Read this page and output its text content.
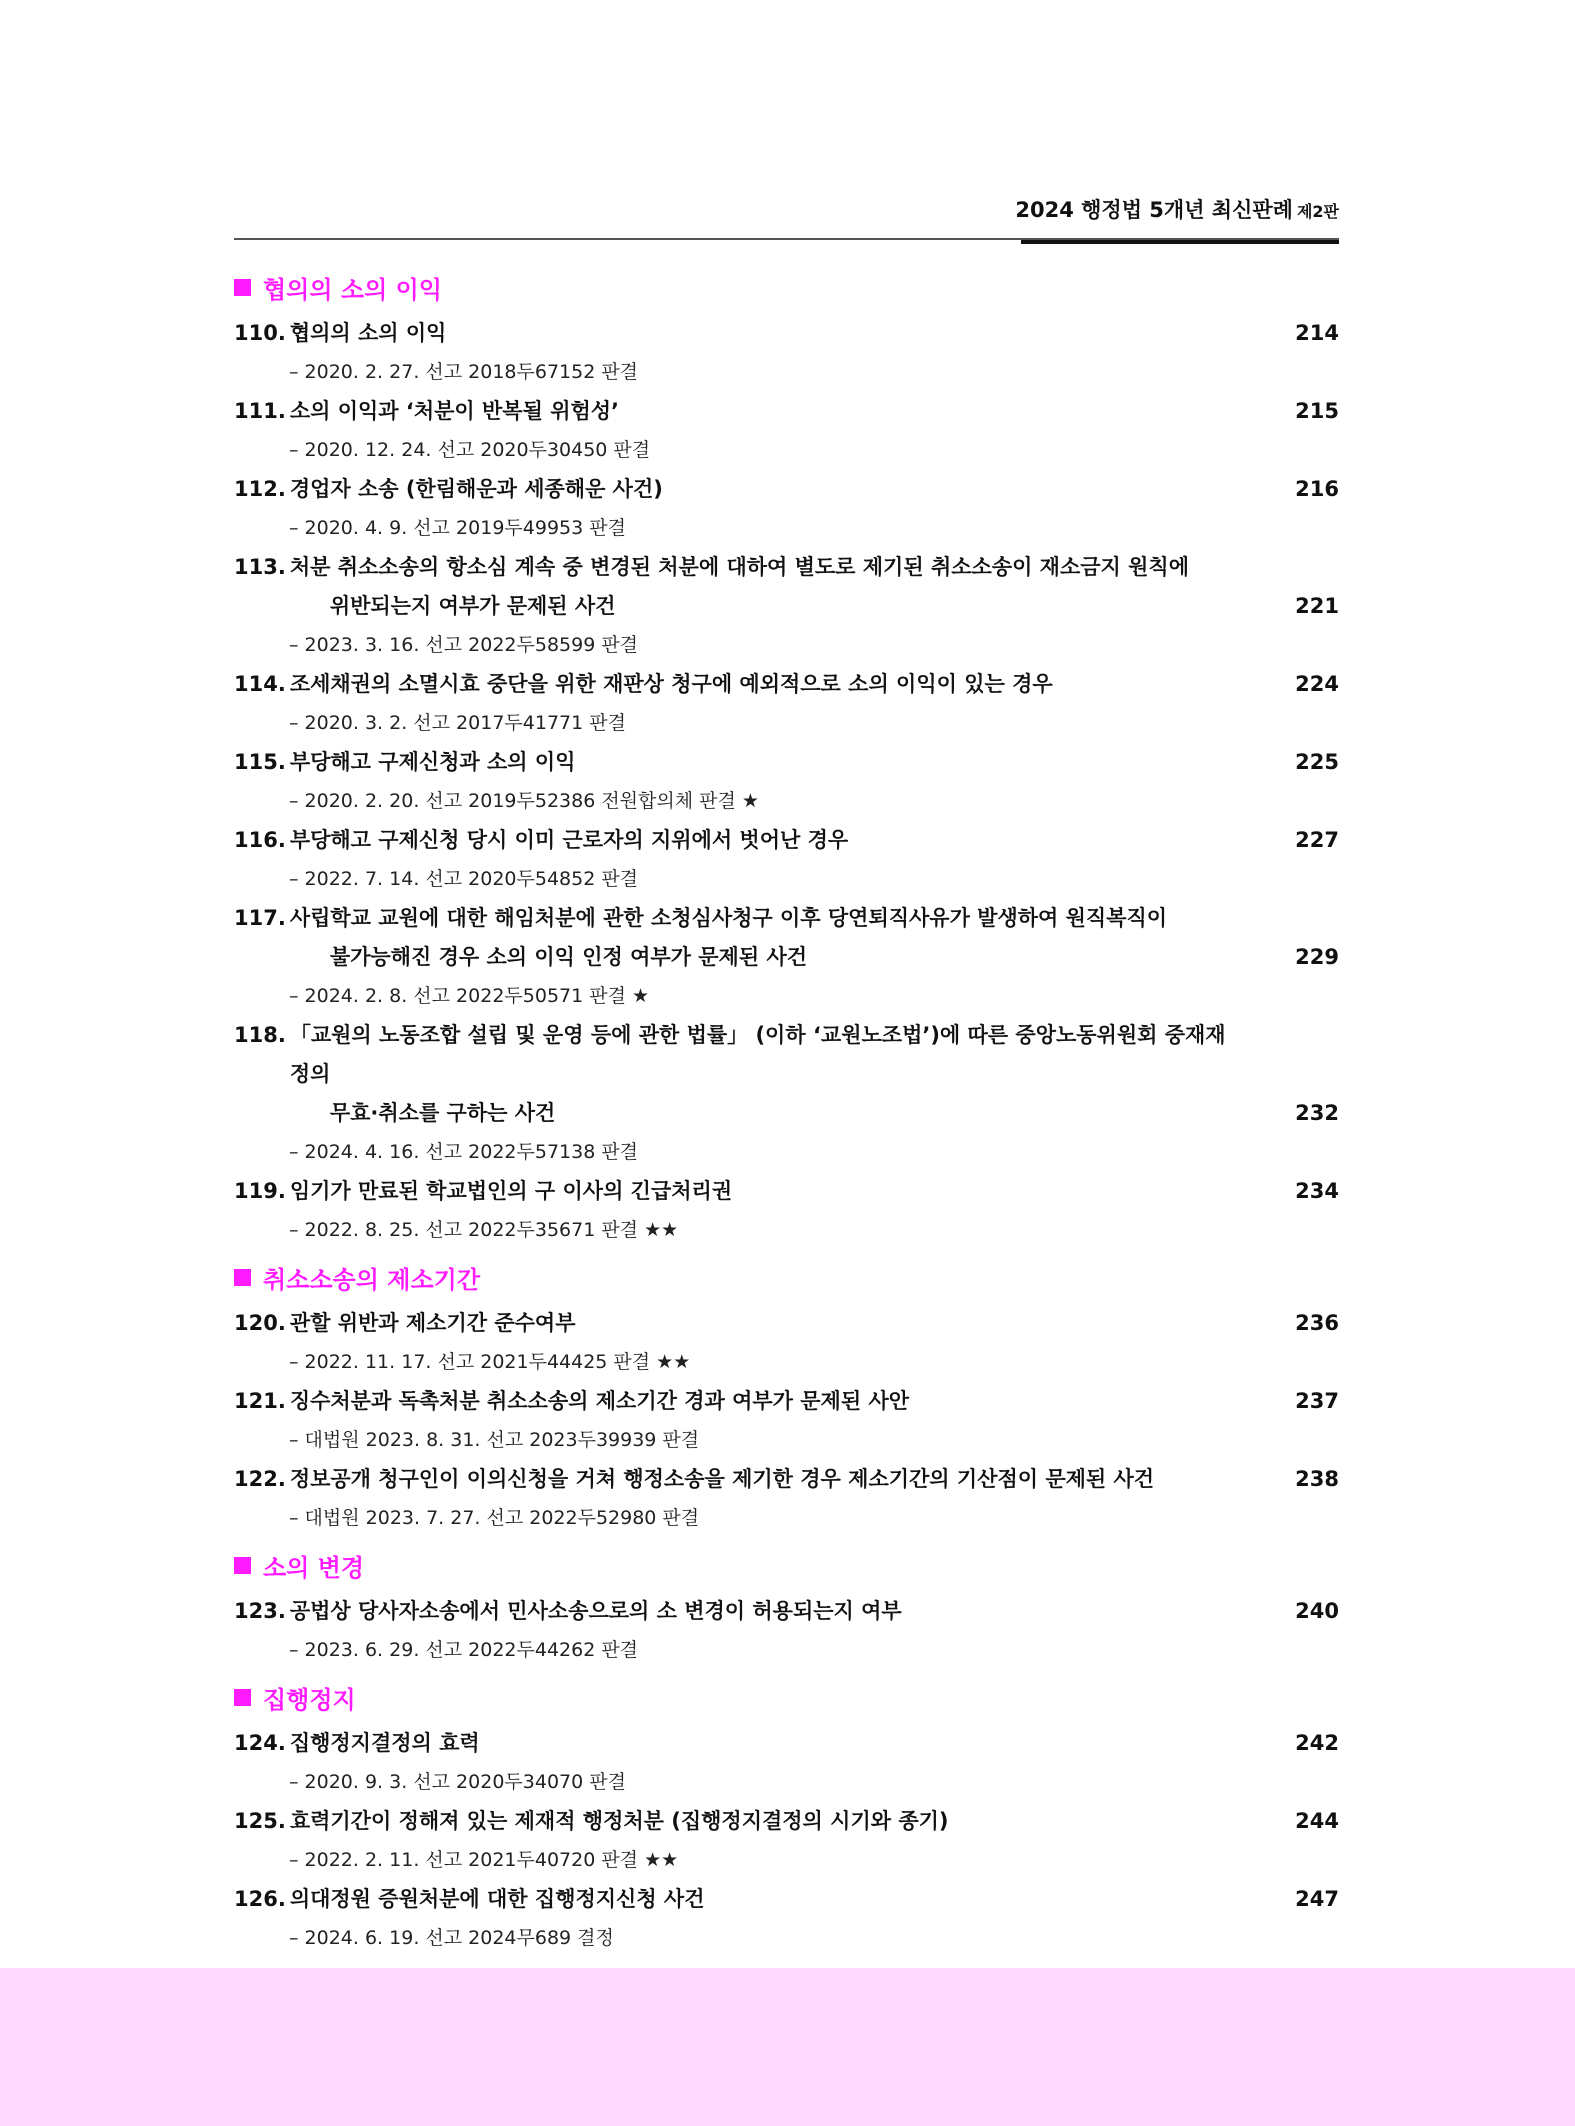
2024 행정법 5개년 최신판례 제2판
협의의 소의 이익
110. 협의의 소의 이익	214
– 2020. 2. 27. 선고 2018두67152 판결
111. 소의 이익과 ‘처분이 반복될 위험성’	215
– 2020. 12. 24. 선고 2020두30450 판결
112. 경업자 소송 (한림해운과 세종해운 사건)	216
– 2020. 4. 9. 선고 2019두49953 판결
113. 처분 취소소송의 항소심 계속 중 변경된 처분에 대하여 별도로 제기된 취소소송이 재소금지 원칙에
위반되는지 여부가 문제된 사건	221
– 2023. 3. 16. 선고 2022두58599 판결
114. 조세채권의 소멸시효 중단을 위한 재판상 청구에 예외적으로 소의 이익이 있는 경우	224
– 2020. 3. 2. 선고 2017두41771 판결
115. 부당해고 구제신청과 소의 이익	225
– 2020. 2. 20. 선고 2019두52386 전원합의체 판결 ★
116. 부당해고 구제신청 당시 이미 근로자의 지위에서 벗어난 경우	227
– 2022. 7. 14. 선고 2020두54852 판결
117. 사립학교 교원에 대한 해임처분에 관한 소청심사청구 이후 당연퇴직사유가 발생하여 원직복직이
불가능해진 경우 소의 이익 인정 여부가 문제된 사건	229
– 2024. 2. 8. 선고 2022두50571 판결 ★
118. 「교원의 노동조합 설립 및 운영 등에 관한 법률」 (이하 ‘교원노조법’)에 따른 중앙노동위원회 중재재정의
무효·취소를 구하는 사건	232
– 2024. 4. 16. 선고 2022두57138 판결
119. 임기가 만료된 학교법인의 구 이사의 긴급처리권	234
– 2022. 8. 25. 선고 2022두35671 판결 ★★
취소소송의 제소기간
120. 관할 위반과 제소기간 준수여부	236
– 2022. 11. 17. 선고 2021두44425 판결 ★★
121. 징수처분과 독촉처분 취소소송의 제소기간 경과 여부가 문제된 사안	237
– 대법원 2023. 8. 31. 선고 2023두39939 판결
122. 정보공개 청구인이 이의신청을 거쳐 행정소송을 제기한 경우 제소기간의 기산점이 문제된 사건	238
– 대법원 2023. 7. 27. 선고 2022두52980 판결
소의 변경
123. 공법상 당사자소송에서 민사소송으로의 소 변경이 허용되는지 여부	240
– 2023. 6. 29. 선고 2022두44262 판결
집행정지
124. 집행정지결정의 효력	242
– 2020. 9. 3. 선고 2020두34070 판결
125. 효력기간이 정해져 있는 제재적 행정처분 (집행정지결정의 시기와 종기)	244
– 2022. 2. 11. 선고 2021두40720 판결 ★★
126. 의대정원 증원처분에 대한 집행정지신청 사건	247
– 2024. 6. 19. 선고 2024무689 결정
